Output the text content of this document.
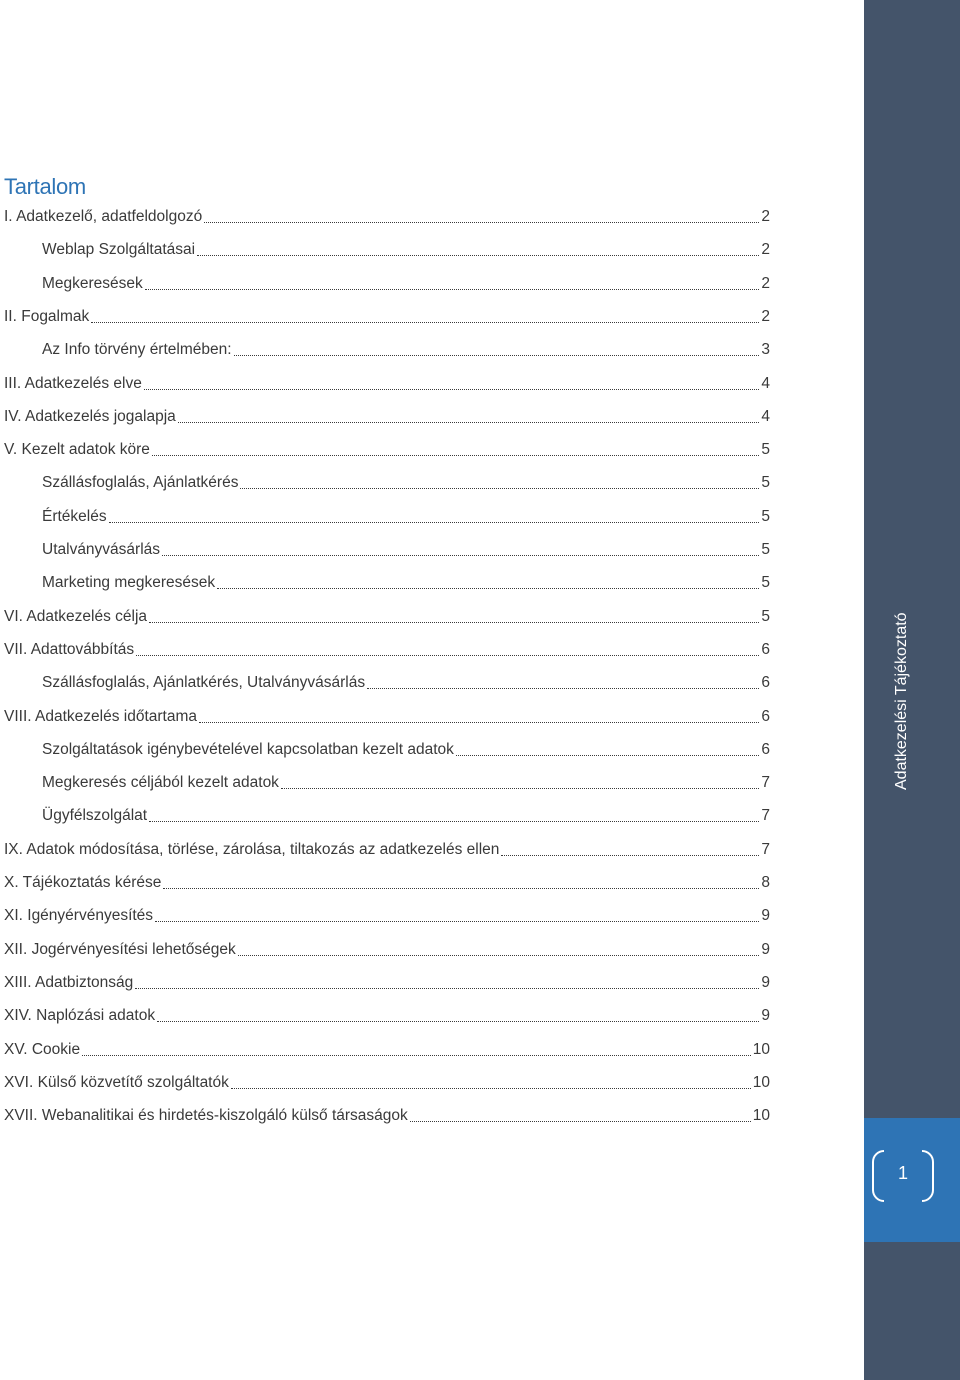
Tartalom
I. Adatkezelő, adatfeldolgozó	2
Weblap Szolgáltatásai	2
Megkeresések	2
II. Fogalmak	2
Az Info törvény értelmében:	3
III. Adatkezelés elve	4
IV. Adatkezelés jogalapja	4
V. Kezelt adatok köre	5
Szállásfoglalás, Ajánlatkérés	5
Értékelés	5
Utalványvásárlás	5
Marketing megkeresések	5
VI. Adatkezelés célja	5
VII. Adattovábbítás	6
Szállásfoglalás, Ajánlatkérés, Utalványvásárlás	6
VIII. Adatkezelés időtartama	6
Szolgáltatások igénybevételével kapcsolatban kezelt adatok	6
Megkeresés céljából kezelt adatok	7
Ügyfélszolgálat	7
IX. Adatok módosítása, törlése, zárolása, tiltakozás az adatkezelés ellen	7
X. Tájékoztatás kérése	8
XI. Igényérvényesítés	9
XII. Jogérvényesítési lehetőségek	9
XIII. Adatbiztonság	9
XIV. Naplózási adatok	9
XV. Cookie	10
XVI. Külső közvetítő szolgáltatók	10
XVII. Webanalitikai és hirdetés-kiszolgáló külső társaságok	10
1
